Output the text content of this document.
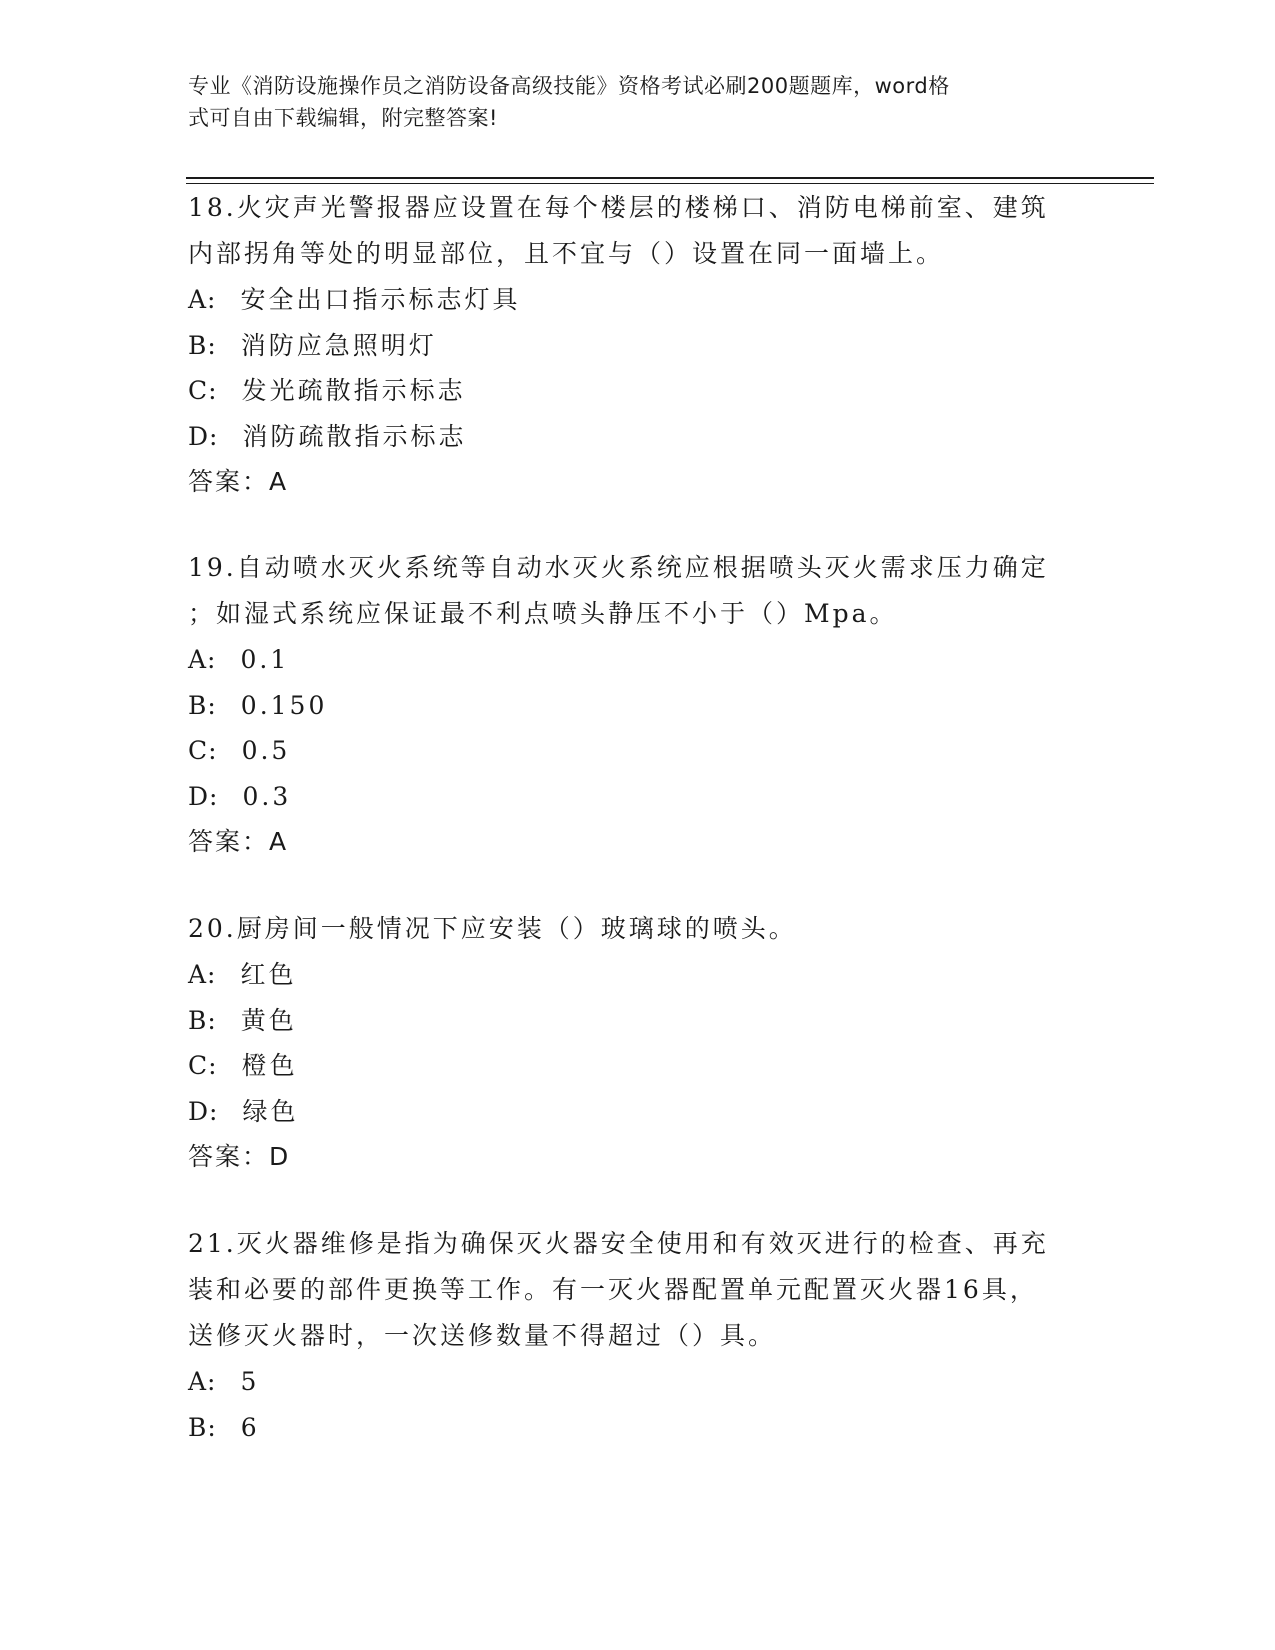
专业《消防设施操作员之消防设备高级技能》资格考试必刷200题题库，word格
式可自由下载编辑，附完整答案!
18.火灾声光警报器应设置在每个楼层的楼梯口、消防电梯前室、建筑
内部拐角等处的明显部位，且不宜与（）设置在同一面墙上。
A: 安全出口指示标志灯具
B: 消防应急照明灯
C: 发光疏散指示标志
D: 消防疏散指示标志
答案：A
19.自动喷水灭火系统等自动水灭火系统应根据喷头灭火需求压力确定
；如湿式系统应保证最不利点喷头静压不小于（）Mpa。
A: 0.1
B: 0.150
C: 0.5
D: 0.3
答案：A
20.厨房间一般情况下应安装（）玻璃球的喷头。
A: 红色
B: 黄色
C: 橙色
D: 绿色
答案：D
21.灭火器维修是指为确保灭火器安全使用和有效灭进行的检查、再充
装和必要的部件更换等工作。有一灭火器配置单元配置灭火器16具，
送修灭火器时，一次送修数量不得超过（）具。
A: 5
B: 6
